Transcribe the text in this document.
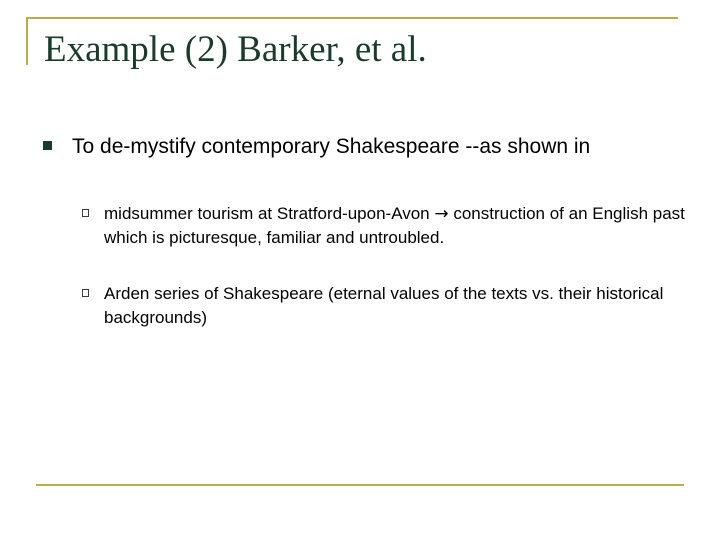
Example (2) Barker, et al.
To de-mystify contemporary Shakespeare --as shown in
midsummer tourism at Stratford-upon-Avon → construction of an English past which is picturesque, familiar and untroubled.
Arden series of Shakespeare (eternal values of the texts vs. their historical backgrounds)
